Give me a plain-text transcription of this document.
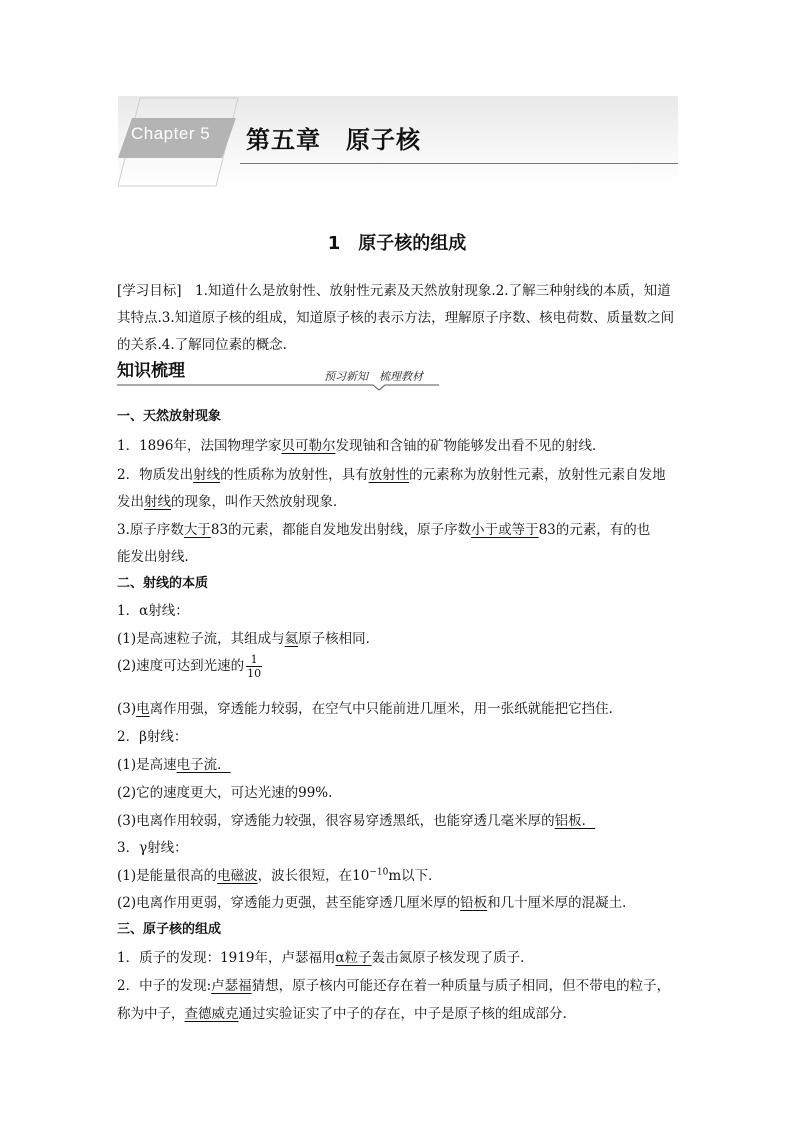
Chapter 5 第五章　原子核
1　原子核的组成
[学习目标]　1.知道什么是放射性、放射性元素及天然放射现象.2.了解三种射线的本质，知道其特点.3.知道原子核的组成，知道原子核的表示方法，理解原子序数、核电荷数、质量数之间的关系.4.了解同位素的概念.
知识梳理	预习新知　梳理教材
一、天然放射现象
1．1896年，法国物理学家贝可勒尔发现铀和含铀的矿物能够发出看不见的射线．
2．物质发出射线的性质称为放射性，具有放射性的元素称为放射性元素，放射性元素自发地
发出射线的现象，叫作天然放射现象．
3.原子序数大于83的元素，都能自发地发出射线，原子序数小于或等于83的元素，有的也
能发出射线．
二、射线的本质
1．α射线：
(1)是高速粒子流，其组成与氦原子核相同．
(2)速度可达到光速的 $\frac{1}{10}$
(3)电离作用强，穿透能力较弱，在空气中只能前进几厘米，用一张纸就能把它挡住．
2．β射线：
(1)是高速电子流．
(2)它的速度更大，可达光速的99%.
(3)电离作用较弱，穿透能力较强，很容易穿透黑纸，也能穿透几毫米厚的铝板．
3．γ射线：
(1)是能量很高的电磁波，波长很短，在$10^{-10}m$以下．
(2)电离作用更弱，穿透能力更强，甚至能穿透几厘米厚的铅板和几十厘米厚的混凝土．
三、原子核的组成
1．质子的发现：1919年，卢瑟福用α粒子轰击氮原子核发现了质子.
2．中子的发现:卢瑟福猜想，原子核内可能还存在着一种质量与质子相同，但不带电的粒子，
称为中子，查德威克通过实验证实了中子的存在，中子是原子核的组成部分.
